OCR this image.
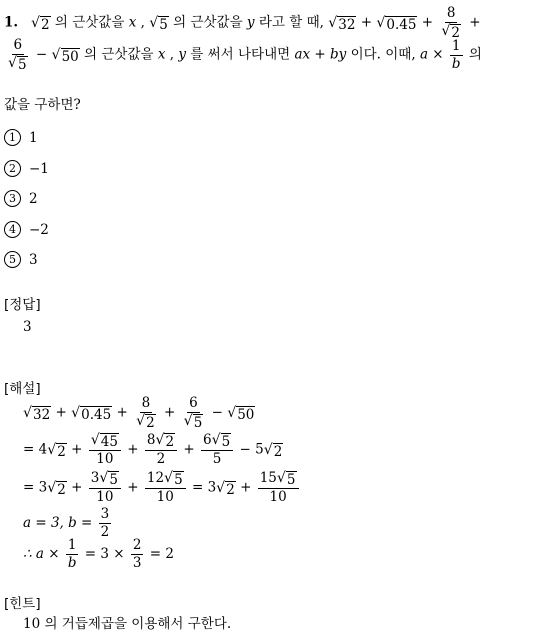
1. √ 2 의 근삿값을 x , √ 5 의 근삿값을 y 라고 할 때, √ 32 + √ $0.45 + \frac{8}{√ 2}$ +
$\frac{6}{√ 5}$ − √ 50 의 근삿값을 x , y 를 써서 나타내면 ax + by 이다. 이때, $a \times \frac{1}{b}$ 의
값을 구하면?
1 1
2 −1
3 2
4 −2
5 3
[정답]
3
[해설]
√ 32 + √ $0.45 + \frac{8}{√ 2} + \frac{6}{√ 5}$ − √ 50
= 4 √ $2 + \frac{√ 45}{10} + \frac{8 √ 2}{2} + \frac{6 √ 5}{5} - 5$ √ 2
= 3 √ $2 + \frac{3 √ 5}{10} + \frac{12 √ 5}{10} = 3$ √ $2 + \frac{15 √ 5}{10}$
a = 3, $b = \frac{3}{2}$
∴ $a \times \frac{1}{b} = 3 \times \frac{2}{3} = 2$
[힌트]
10 의 거듭제곱을 이용해서 구한다.
